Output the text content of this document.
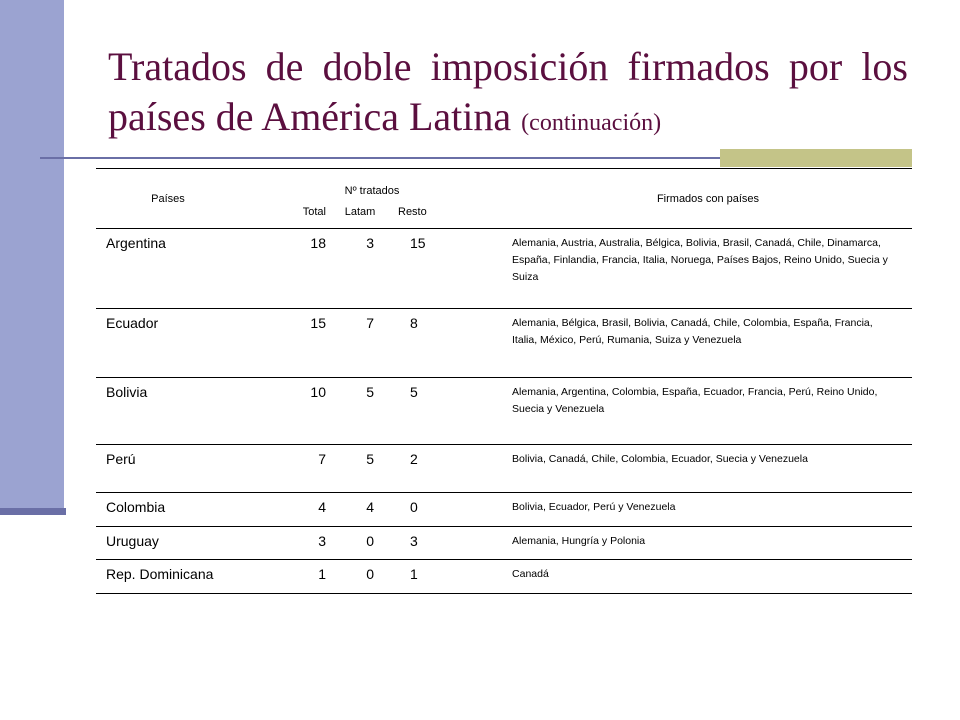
Tratados de doble imposición firmados por los países de América Latina (continuación)
Países	Nº tratados			Firmados con países
	Total	Latam	Resto	
Argentina	18	3	15	Alemania, Austria, Australia, Bélgica, Bolivia, Brasil, Canadá, Chile, Dinamarca, España, Finlandia, Francia, Italia, Noruega, Países Bajos, Reino Unido, Suecia y Suiza
Ecuador	15	7	8	Alemania, Bélgica, Brasil, Bolivia, Canadá, Chile, Colombia, España, Francia, Italia, México, Perú, Rumania, Suiza y Venezuela
Bolivia	10	5	5	Alemania, Argentina, Colombia, España, Ecuador, Francia, Perú, Reino Unido, Suecia y Venezuela
Perú	7	5	2	Bolivia, Canadá, Chile, Colombia, Ecuador, Suecia y Venezuela
Colombia	4	4	0	Bolivia, Ecuador, Perú y Venezuela
Uruguay	3	0	3	Alemania, Hungría y Polonia
Rep. Dominicana	1	0	1	Canadá
